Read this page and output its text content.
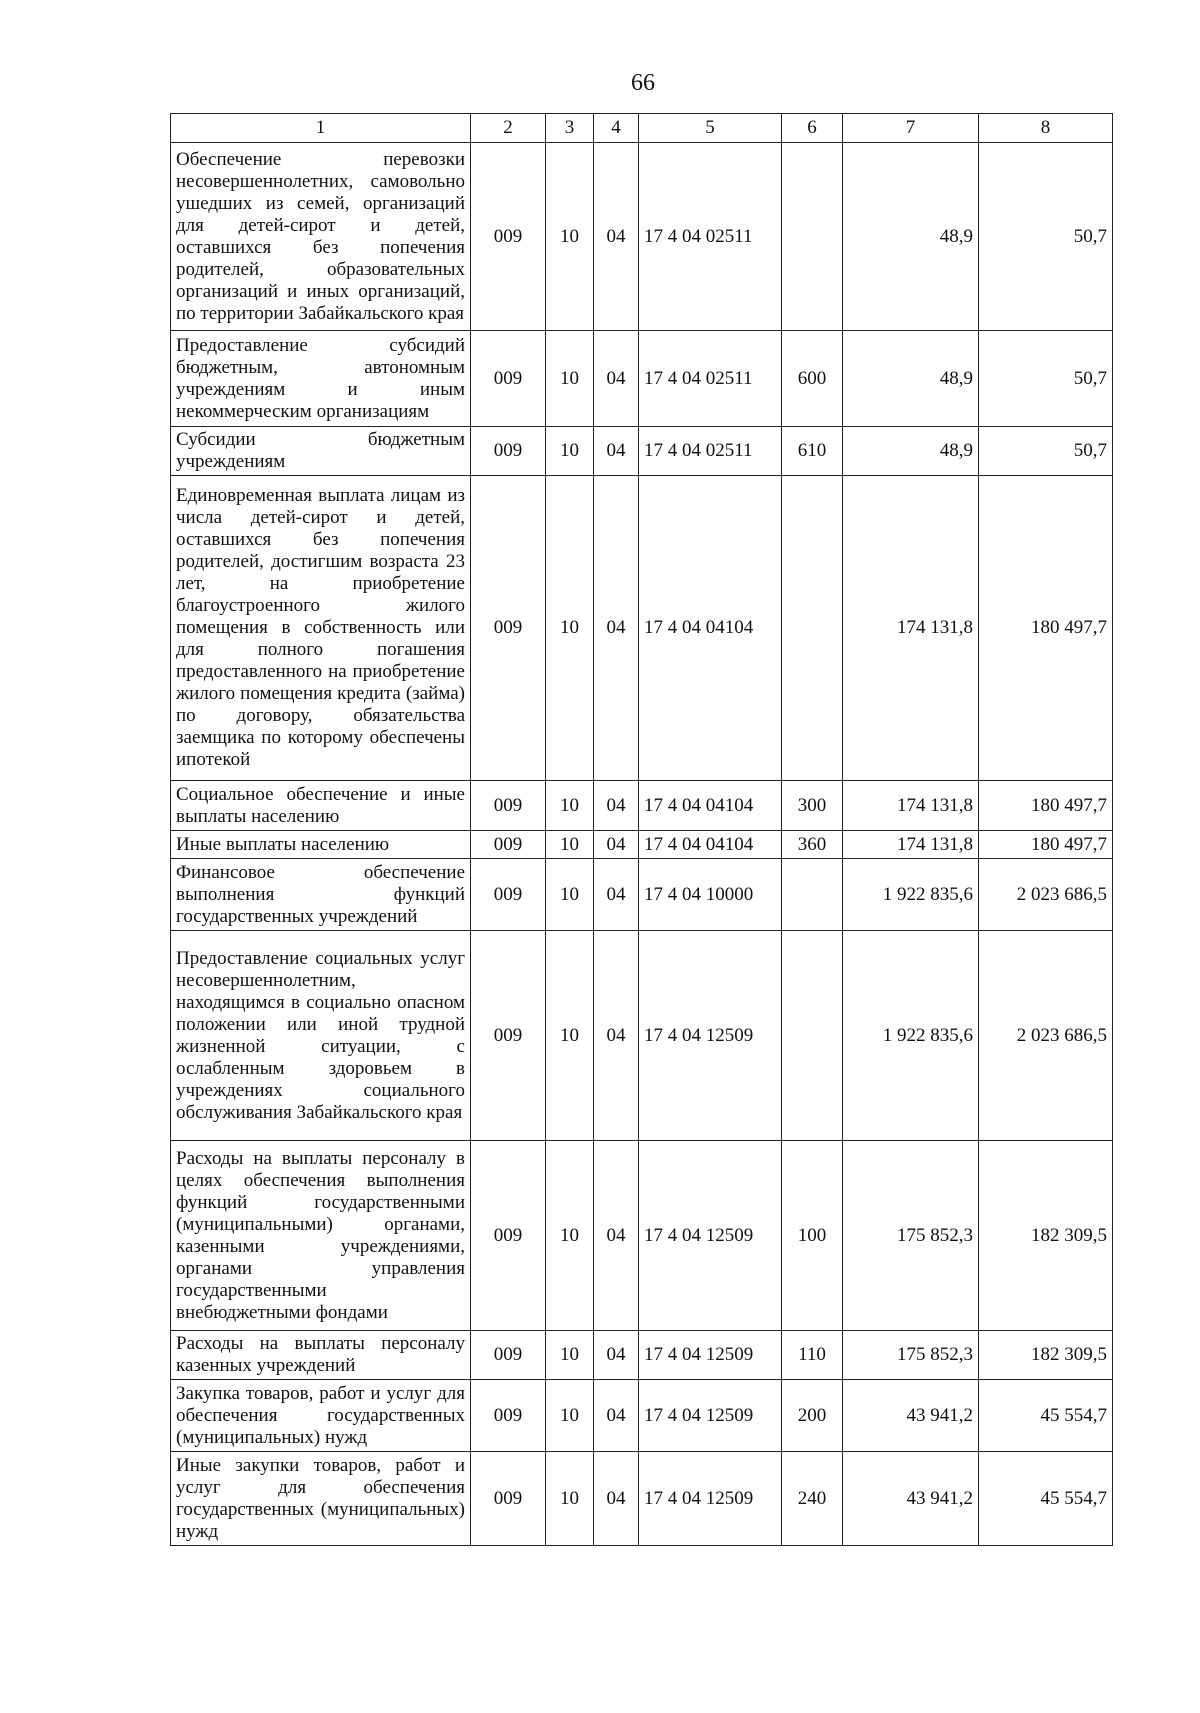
66
1	2	3	4	5	6	7	8
Обеспечение перевозки несовершеннолетних, самовольно ушедших из семей, организаций для детей-сирот и детей, оставшихся без попечения родителей, образовательных организаций и иных организаций, по территории Забайкальского края	009	10	04	17 4 04 02511		48,9	50,7
Предоставление субсидий бюджетным, автономным учреждениям и иным некоммерческим организациям	009	10	04	17 4 04 02511	600	48,9	50,7
Субсидии бюджетным учреждениям	009	10	04	17 4 04 02511	610	48,9	50,7
Единовременная выплата лицам из числа детей-сирот и детей, оставшихся без попечения родителей, достигшим возраста 23 лет, на приобретение благоустроенного жилого помещения в собственность или для полного погашения предоставленного на приобретение жилого помещения кредита (займа) по договору, обязательства заемщика по которому обеспечены ипотекой	009	10	04	17 4 04 04104		174 131,8	180 497,7
Социальное обеспечение и иные выплаты населению	009	10	04	17 4 04 04104	300	174 131,8	180 497,7
Иные выплаты населению	009	10	04	17 4 04 04104	360	174 131,8	180 497,7
Финансовое обеспечение выполнения функций государственных учреждений	009	10	04	17 4 04 10000		1 922 835,6	2 023 686,5
Предоставление социальных услуг несовершеннолетним, находящимся в социально опасном положении или иной трудной жизненной ситуации, с ослабленным здоровьем в учреждениях социального обслуживания Забайкальского края	009	10	04	17 4 04 12509		1 922 835,6	2 023 686,5
Расходы на выплаты персоналу в целях обеспечения выполнения функций государственными (муниципальными) органами, казенными учреждениями, органами управления государственными внебюджетными фондами	009	10	04	17 4 04 12509	100	175 852,3	182 309,5
Расходы на выплаты персоналу казенных учреждений	009	10	04	17 4 04 12509	110	175 852,3	182 309,5
Закупка товаров, работ и услуг для обеспечения государственных (муниципальных) нужд	009	10	04	17 4 04 12509	200	43 941,2	45 554,7
Иные закупки товаров, работ и услуг для обеспечения государственных (муниципальных) нужд	009	10	04	17 4 04 12509	240	43 941,2	45 554,7
